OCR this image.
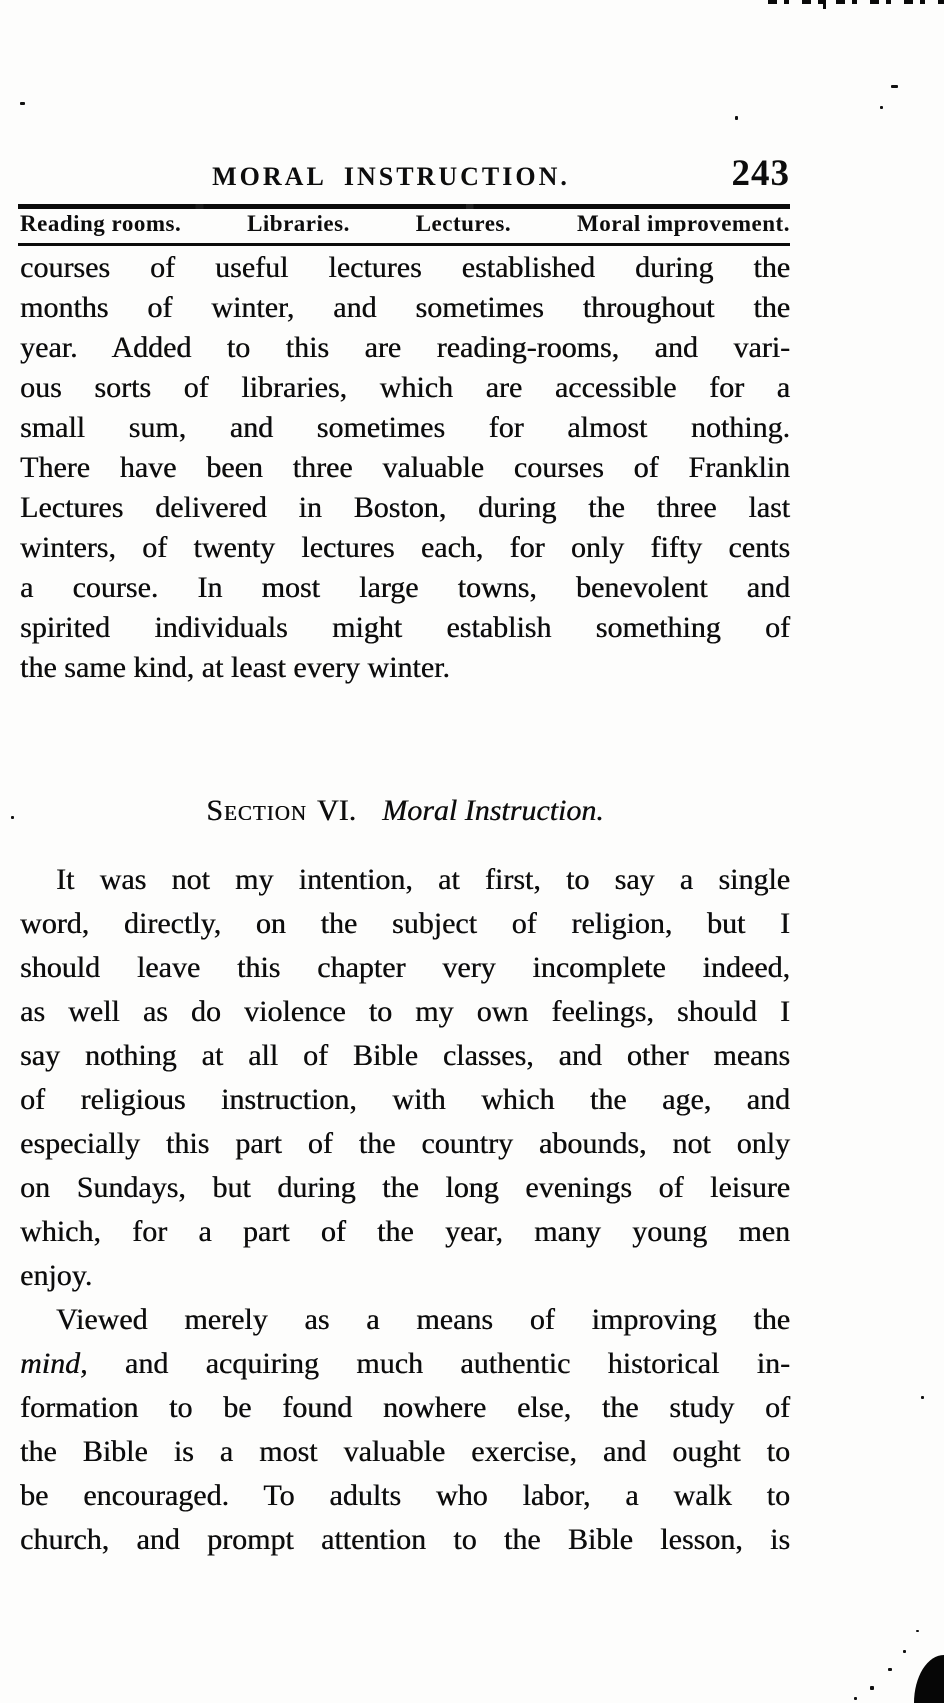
MORAL INSTRUCTION.	243
Reading rooms.	Libraries.	Lectures.	Moral improvement.
courses of useful lectures established during the
months of winter, and sometimes throughout the
year. Added to this are reading-rooms, and vari-
ous sorts of libraries, which are accessible for a
small sum, and sometimes for almost nothing.
There have been three valuable courses of Franklin
Lectures delivered in Boston, during the three last
winters, of twenty lectures each, for only fifty cents
a course. In most large towns, benevolent and
spirited individuals might establish something of
the same kind, at least every winter.
Section VI. Moral Instruction.
It was not my intention, at first, to say a single
word, directly, on the subject of religion, but I
should leave this chapter very incomplete indeed,
as well as do violence to my own feelings, should I
say nothing at all of Bible classes, and other means
of religious instruction, with which the age, and
especially this part of the country abounds, not only
on Sundays, but during the long evenings of leisure
which, for a part of the year, many young men
enjoy.
Viewed merely as a means of improving the
mind, and acquiring much authentic historical in-
formation to be found nowhere else, the study of
the Bible is a most valuable exercise, and ought to
be encouraged. To adults who labor, a walk to
church, and prompt attention to the Bible lesson, is
